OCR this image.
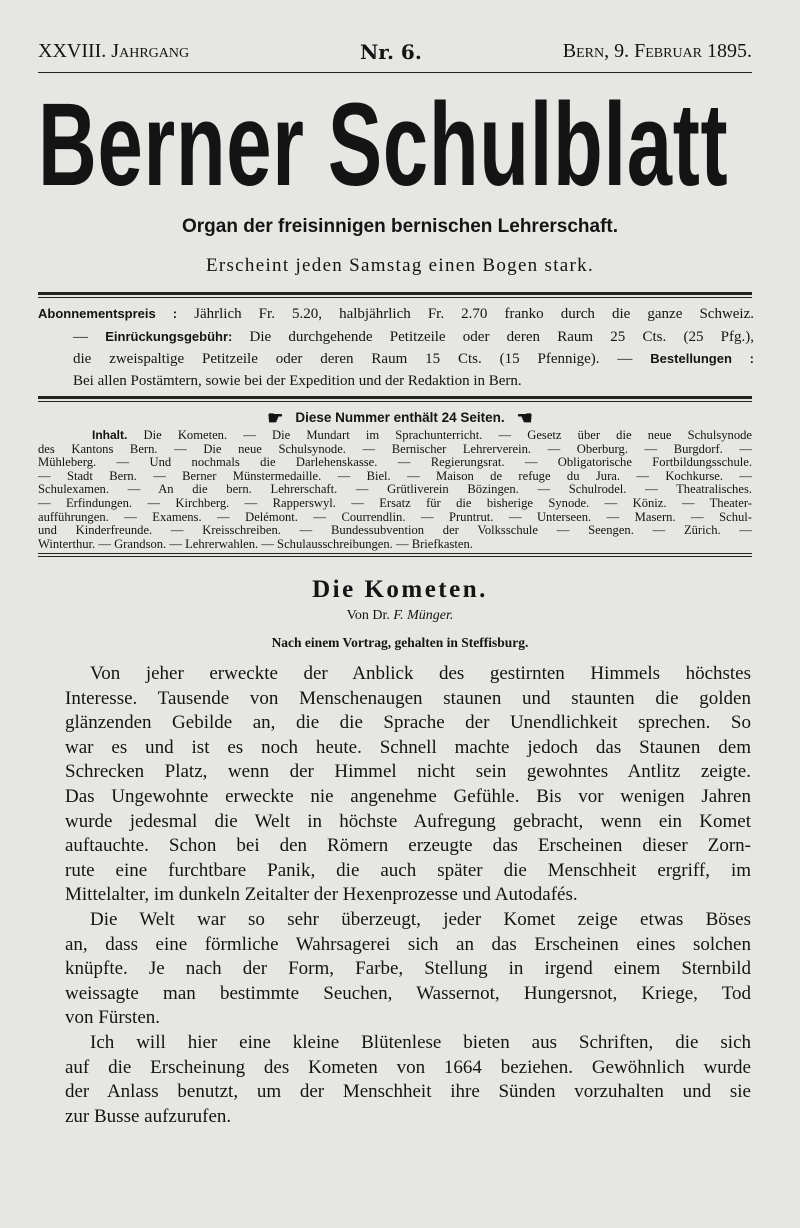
XXVIII. Jahrgang	Nr. 6.	Bern, 9. Februar 1895.
Berner Schulblatt
Organ der freisinnigen bernischen Lehrerschaft.
Erscheint jeden Samstag einen Bogen stark.
Abonnementspreis : Jährlich Fr. 5.20, halbjährlich Fr. 2.70 franko durch die ganze Schweiz.
— Einrückungsgebühr: Die durchgehende Petitzeile oder deren Raum 25 Cts. (25 Pfg.),
die zweispaltige Petitzeile oder deren Raum 15 Cts. (15 Pfennige). — Bestellungen :
Bei allen Postämtern, sowie bei der Expedition und der Redaktion in Bern.
☛ Diese Nummer enthält 24 Seiten. ☚
Inhalt. Die Kometen. — Die Mundart im Sprachunterricht. — Gesetz über die neue Schulsynode
des Kantons Bern. — Die neue Schulsynode. — Bernischer Lehrerverein. — Oberburg. — Burgdorf. —
Mühleberg. — Und nochmals die Darlehenskasse. — Regierungsrat. — Obligatorische Fortbildungsschule.
— Stadt Bern. — Berner Münstermedaille. — Biel. — Maison de refuge du Jura. — Kochkurse. —
Schulexamen. — An die bern. Lehrerschaft. — Grütliverein Bözingen. — Schulrodel. — Theatralisches.
— Erfindungen. — Kirchberg. — Rapperswyl. — Ersatz für die bisherige Synode. — Köniz. — Theater-
aufführungen. — Examens. — Delémont. — Courrendlin. — Pruntrut. — Unterseen. — Masern. — Schul-
und Kinderfreunde. — Kreisschreiben. — Bundessubvention der Volksschule — Seengen. — Zürich. —
Winterthur. — Grandson. — Lehrerwahlen. — Schulausschreibungen. — Briefkasten.
Die Kometen.
Von Dr. F. Münger.
Nach einem Vortrag, gehalten in Steffisburg.
Von jeher erweckte der Anblick des gestirnten Himmels höchstes
Interesse. Tausende von Menschenaugen staunen und staunten die golden
glänzenden Gebilde an, die die Sprache der Unendlichkeit sprechen. So
war es und ist es noch heute. Schnell machte jedoch das Staunen dem
Schrecken Platz, wenn der Himmel nicht sein gewohntes Antlitz zeigte.
Das Ungewohnte erweckte nie angenehme Gefühle. Bis vor wenigen Jahren
wurde jedesmal die Welt in höchste Aufregung gebracht, wenn ein Komet
auftauchte. Schon bei den Römern erzeugte das Erscheinen dieser Zorn-
rute eine furchtbare Panik, die auch später die Menschheit ergriff, im
Mittelalter, im dunkeln Zeitalter der Hexenprozesse und Autodafés.
Die Welt war so sehr überzeugt, jeder Komet zeige etwas Böses
an, dass eine förmliche Wahrsagerei sich an das Erscheinen eines solchen
knüpfte. Je nach der Form, Farbe, Stellung in irgend einem Sternbild
weissagte man bestimmte Seuchen, Wassernot, Hungersnot, Kriege, Tod
von Fürsten.
Ich will hier eine kleine Blütenlese bieten aus Schriften, die sich
auf die Erscheinung des Kometen von 1664 beziehen. Gewöhnlich wurde
der Anlass benutzt, um der Menschheit ihre Sünden vorzuhalten und sie
zur Busse aufzurufen.
